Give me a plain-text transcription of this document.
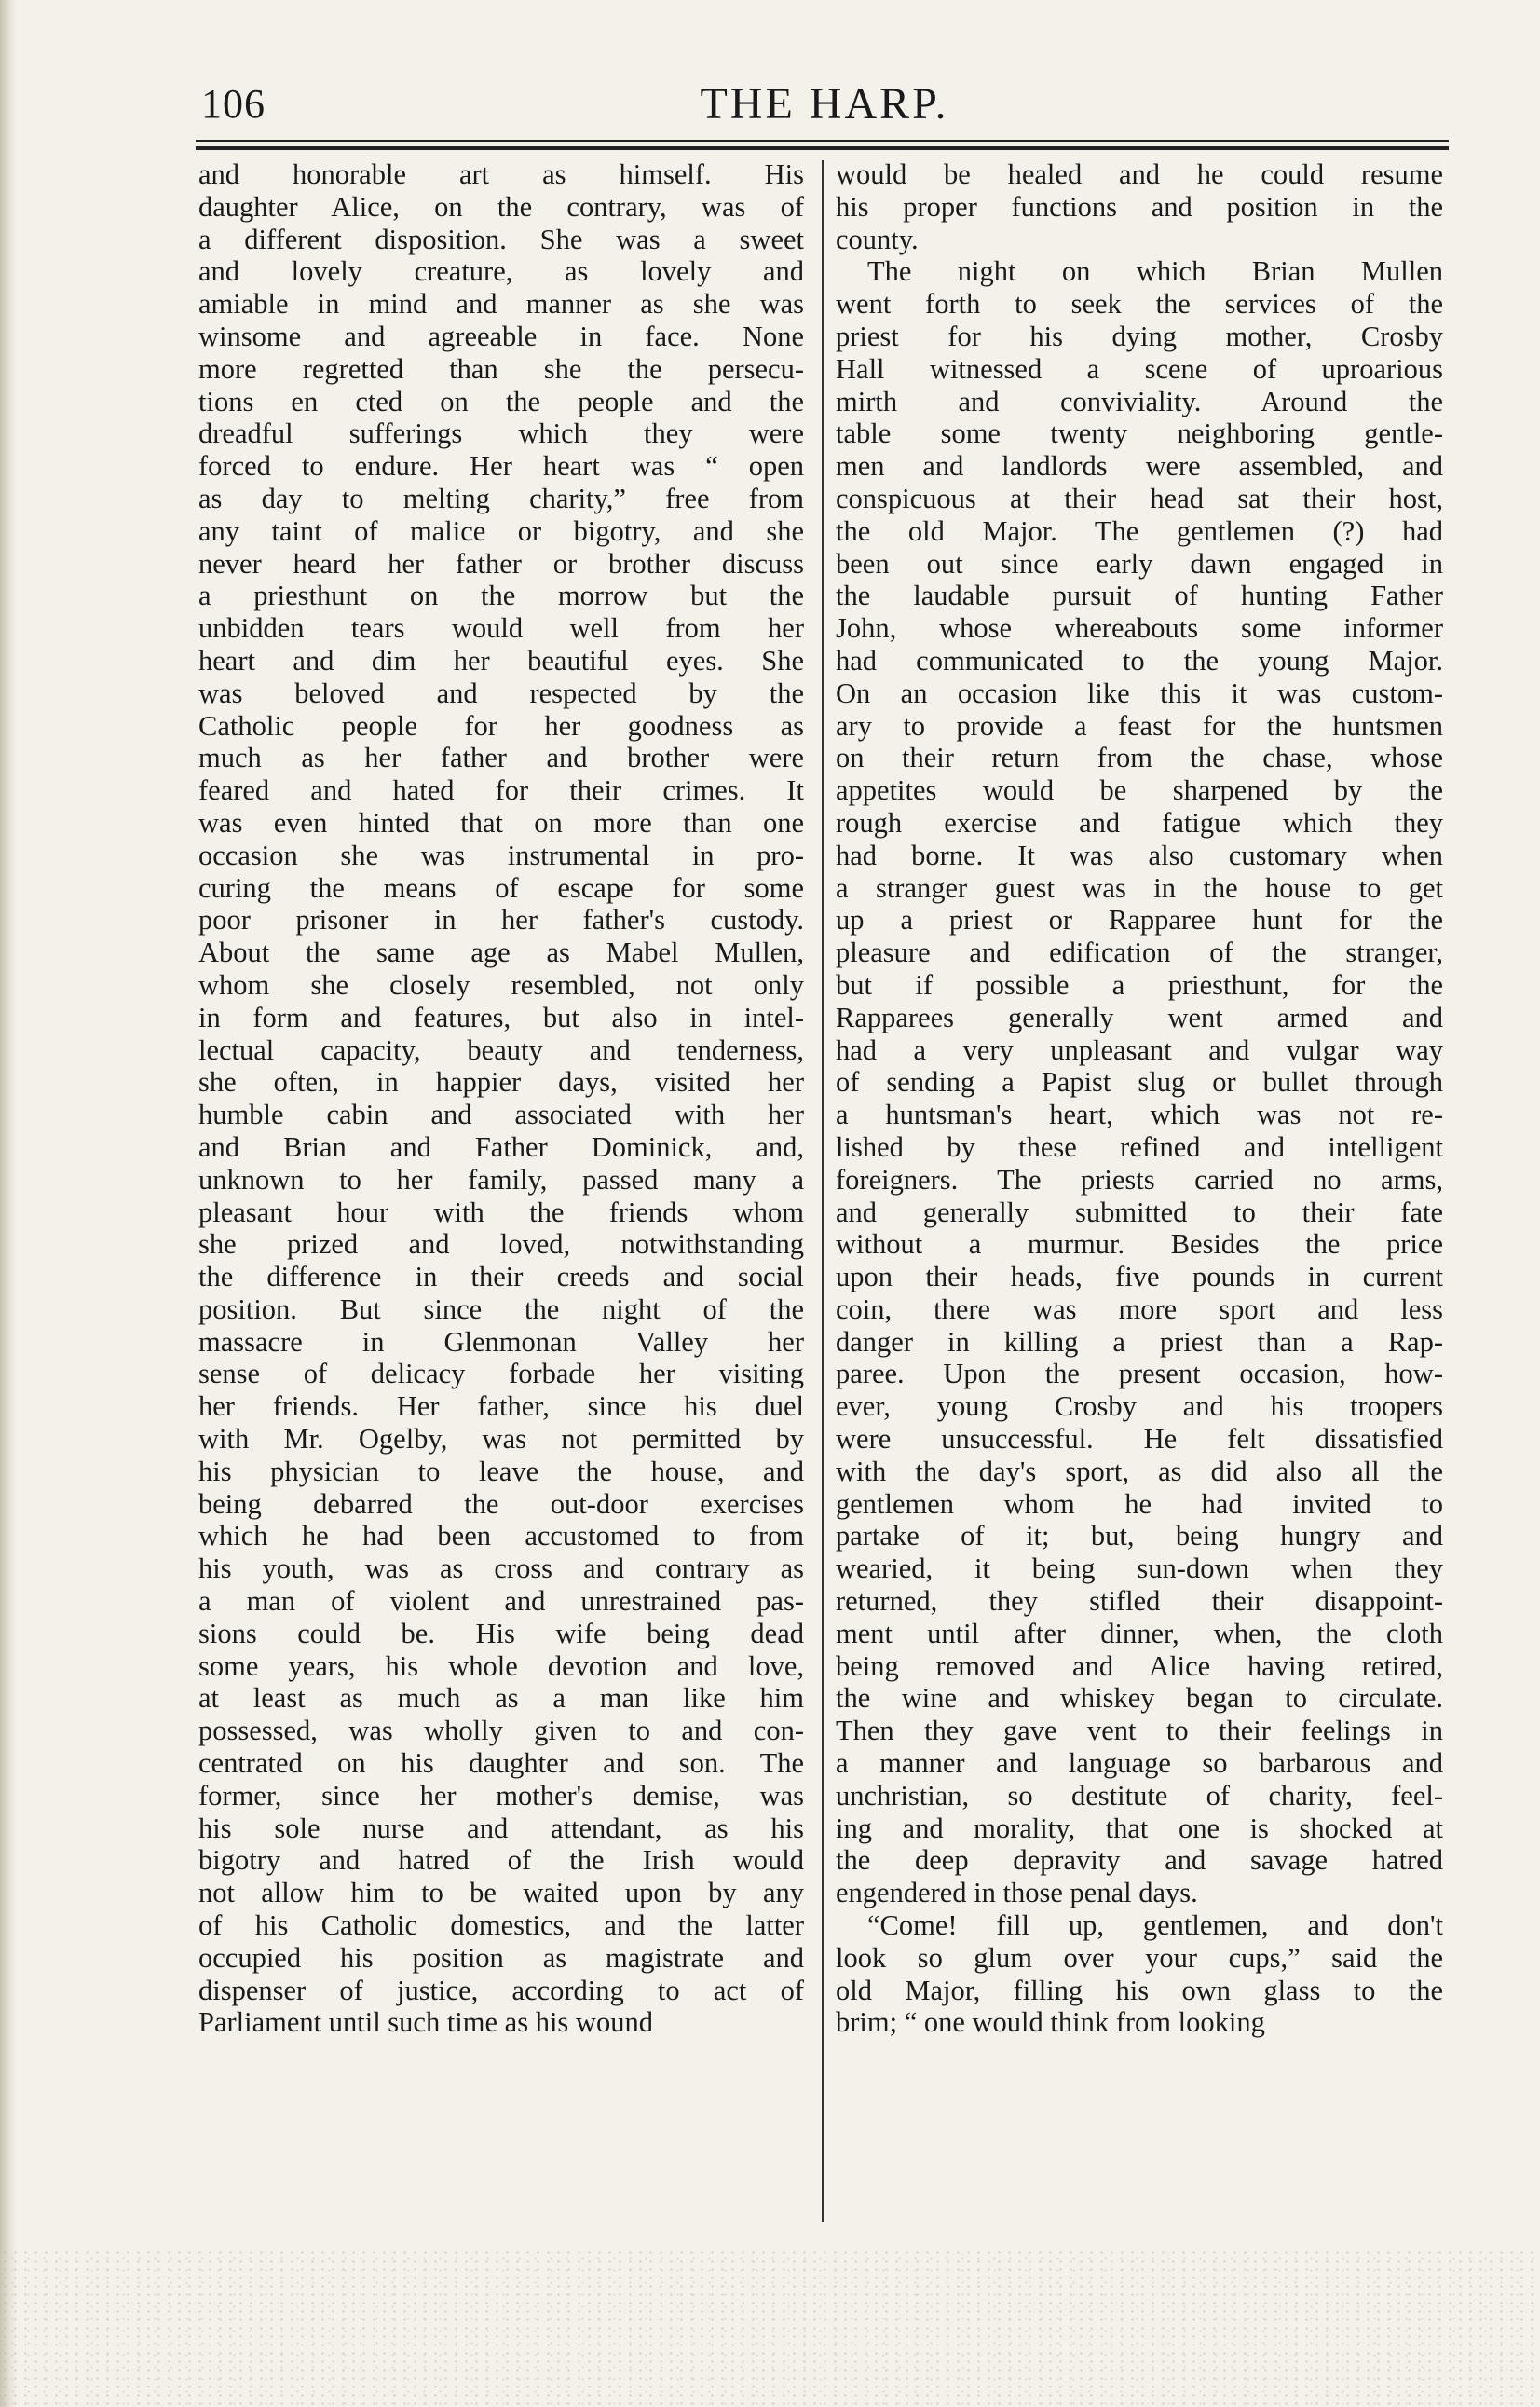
106	THE HARP.
and honorable art as himself. His
daughter Alice, on the contrary, was of
a different disposition. She was a sweet
and lovely creature, as lovely and
amiable in mind and manner as she was
winsome and agreeable in face. None
more regretted than she the persecu-
tions en cted on the people and the
dreadful sufferings which they were
forced to endure. Her heart was “ open
as day to melting charity,” free from
any taint of malice or bigotry, and she
never heard her father or brother discuss
a priesthunt on the morrow but the
unbidden tears would well from her
heart and dim her beautiful eyes. She
was beloved and respected by the
Catholic people for her goodness as
much as her father and brother were
feared and hated for their crimes. It
was even hinted that on more than one
occasion she was instrumental in pro-
curing the means of escape for some
poor prisoner in her father's custody.
About the same age as Mabel Mullen,
whom she closely resembled, not only
in form and features, but also in intel-
lectual capacity, beauty and tenderness,
she often, in happier days, visited her
humble cabin and associated with her
and Brian and Father Dominick, and,
unknown to her family, passed many a
pleasant hour with the friends whom
she prized and loved, notwithstanding
the difference in their creeds and social
position. But since the night of the
massacre in Glenmonan Valley her
sense of delicacy forbade her visiting
her friends. Her father, since his duel
with Mr. Ogelby, was not permitted by
his physician to leave the house, and
being debarred the out-door exercises
which he had been accustomed to from
his youth, was as cross and contrary as
a man of violent and unrestrained pas-
sions could be. His wife being dead
some years, his whole devotion and love,
at least as much as a man like him
possessed, was wholly given to and con-
centrated on his daughter and son. The
former, since her mother's demise, was
his sole nurse and attendant, as his
bigotry and hatred of the Irish would
not allow him to be waited upon by any
of his Catholic domestics, and the latter
occupied his position as magistrate and
dispenser of justice, according to act of
Parliament until such time as his wound
would be healed and he could resume
his proper functions and position in the
county.
The night on which Brian Mullen
went forth to seek the services of the
priest for his dying mother, Crosby
Hall witnessed a scene of uproarious
mirth and conviviality. Around the
table some twenty neighboring gentle-
men and landlords were assembled, and
conspicuous at their head sat their host,
the old Major. The gentlemen (?) had
been out since early dawn engaged in
the laudable pursuit of hunting Father
John, whose whereabouts some informer
had communicated to the young Major.
On an occasion like this it was custom-
ary to provide a feast for the huntsmen
on their return from the chase, whose
appetites would be sharpened by the
rough exercise and fatigue which they
had borne. It was also customary when
a stranger guest was in the house to get
up a priest or Rapparee hunt for the
pleasure and edification of the stranger,
but if possible a priesthunt, for the
Rapparees generally went armed and
had a very unpleasant and vulgar way
of sending a Papist slug or bullet through
a huntsman's heart, which was not re-
lished by these refined and intelligent
foreigners. The priests carried no arms,
and generally submitted to their fate
without a murmur. Besides the price
upon their heads, five pounds in current
coin, there was more sport and less
danger in killing a priest than a Rap-
paree. Upon the present occasion, how-
ever, young Crosby and his troopers
were unsuccessful. He felt dissatisfied
with the day's sport, as did also all the
gentlemen whom he had invited to
partake of it; but, being hungry and
wearied, it being sun-down when they
returned, they stifled their disappoint-
ment until after dinner, when, the cloth
being removed and Alice having retired,
the wine and whiskey began to circulate.
Then they gave vent to their feelings in
a manner and language so barbarous and
unchristian, so destitute of charity, feel-
ing and morality, that one is shocked at
the deep depravity and savage hatred
engendered in those penal days.
“Come! fill up, gentlemen, and don't
look so glum over your cups,” said the
old Major, filling his own glass to the
brim; “ one would think from looking
